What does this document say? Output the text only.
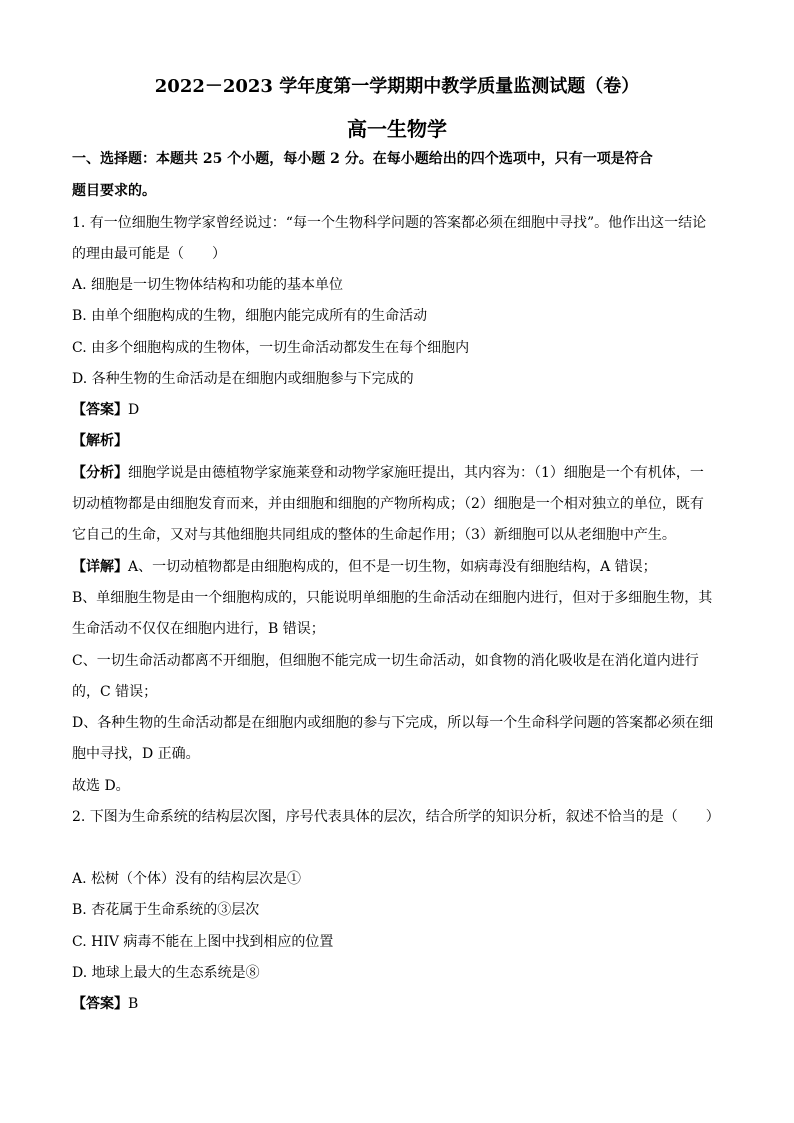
2022－2023 学年度第一学期期中教学质量监测试题（卷）
高一生物学
一、选择题：本题共 25 个小题，每小题 2 分。在每小题给出的四个选项中，只有一项是符合
题目要求的。
1. 有一位细胞生物学家曾经说过：“每一个生物科学问题的答案都必须在细胞中寻找”。他作出这一结论
的理由最可能是（　　）
A. 细胞是一切生物体结构和功能的基本单位
B. 由单个细胞构成的生物，细胞内能完成所有的生命活动
C. 由多个细胞构成的生物体，一切生命活动都发生在每个细胞内
D. 各种生物的生命活动是在细胞内或细胞参与下完成的
【答案】D
【解析】
【分析】细胞学说是由德植物学家施莱登和动物学家施旺提出，其内容为：（1）细胞是一个有机体，一
切动植物都是由细胞发育而来，并由细胞和细胞的产物所构成；（2）细胞是一个相对独立的单位，既有
它自己的生命，又对与其他细胞共同组成的整体的生命起作用；（3）新细胞可以从老细胞中产生。
【详解】A、一切动植物都是由细胞构成的，但不是一切生物，如病毒没有细胞结构，A 错误；
B、单细胞生物是由一个细胞构成的，只能说明单细胞的生命活动在细胞内进行，但对于多细胞生物，其
生命活动不仅仅在细胞内进行，B 错误；
C、一切生命活动都离不开细胞，但细胞不能完成一切生命活动，如食物的消化吸收是在消化道内进行
的，C 错误；
D、各种生物的生命活动都是在细胞内或细胞的参与下完成，所以每一个生命科学问题的答案都必须在细
胞中寻找，D 正确。
故选 D。
2. 下图为生命系统的结构层次图，序号代表具体的层次，结合所学的知识分析，叙述不恰当的是（　　）
A. 松树（个体）没有的结构层次是①
B. 杏花属于生命系统的③层次
C. HIV 病毒不能在上图中找到相应的位置
D. 地球上最大的生态系统是⑧
【答案】B
